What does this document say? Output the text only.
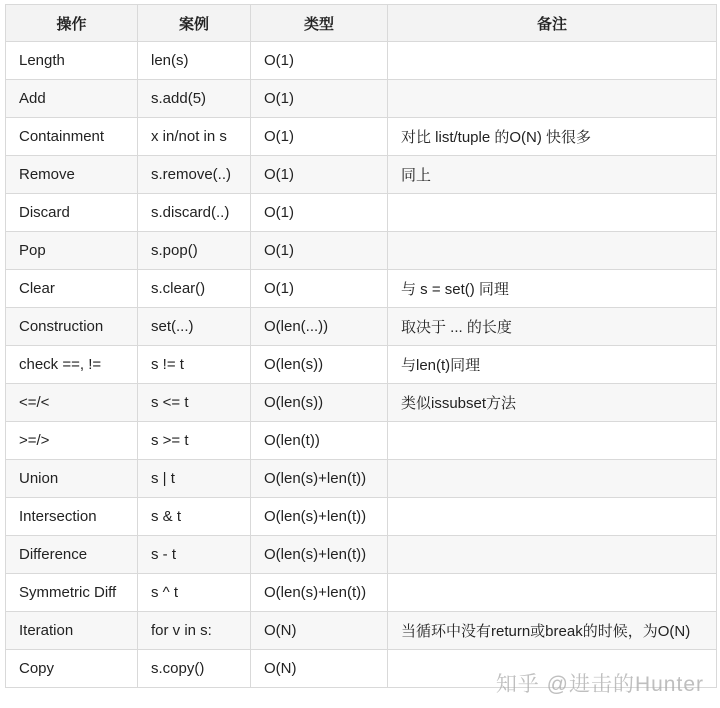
操作	案例	类型	备注
Length	len(s)	O(1)	
Add	s.add(5)	O(1)	
Containment	x in/not in s	O(1)	对比 list/tuple 的O(N) 快很多
Remove	s.remove(..)	O(1)	同上
Discard	s.discard(..)	O(1)	
Pop	s.pop()	O(1)	
Clear	s.clear()	O(1)	与 s = set() 同理
Construction	set(...)	O(len(...))	取决于 ... 的长度
check ==, !=	s != t	O(len(s))	与len(t)同理
<=/<	s <= t	O(len(s))	类似issubset方法
>=/>	s >= t	O(len(t))	
Union	s | t	O(len(s)+len(t))	
Intersection	s & t	O(len(s)+len(t))	
Difference	s - t	O(len(s)+len(t))	
Symmetric Diff	s ^ t	O(len(s)+len(t))	
Iteration	for v in s:	O(N)	当循环中没有return或break的时候，为O(N)
Copy	s.copy()	O(N)	
知乎 @进击的Hunter
